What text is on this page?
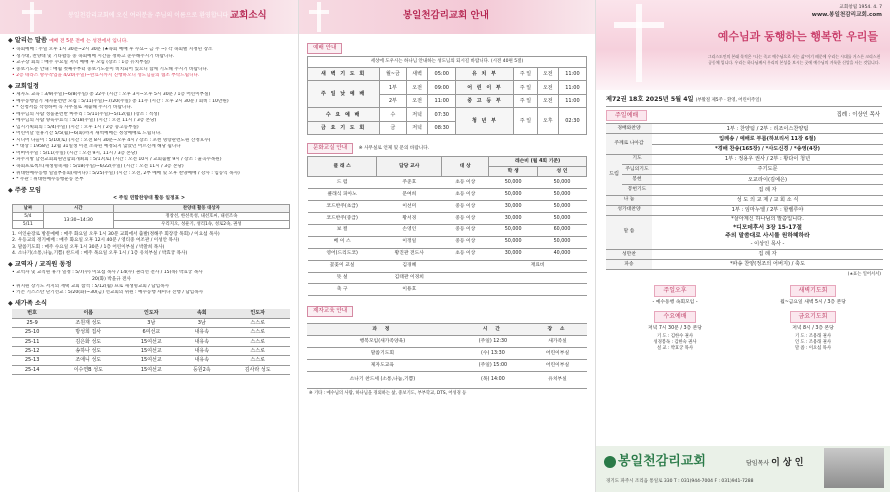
봉일천감리교회에 오신 여러분을 주님의 이름으로 환영합니다 교회소식
◆ 알리는 말씀 예배 전 5분 전에 는 성전에서 입니다.

• 속회예배 : 주일 오후 1시 30분~2시 30분 (★속회 예배 후 수요~ 금 주 ~) 각 속회별 지정된 장소

• 성가대, 찬양대 및 기타활동 중 속회예배 시간을 정하고 준수해주시기 바랍니다.

• 교구장 회의 : 매주 수요일 저녁 예배 후 모임 (장소 : 1층 유치부실)

• 중보기도문 안내 : 매월 첫째주부터 중보기도문이 비치되어 있으니 함께 기도해 주시기 바랍니다.

• 2층 테라스 방수작업을 4/20(주일)~완료시까지 진행하오니 성도님들의 협조 부탁드립니다.

◆ 교회일정

• 제자도 교육 : 3/9(주일)~6/8(주일) 총 22주 (시간 : 오후 3시~오후 5시 30분 / 1층 어린이부실)

• 예수동행일기 제자훈련반 모집 : 5/11(주일)~7/20(주일) 총 11주 (시간 : 오후 2시 30분 / 회비 : 10만원)

• * 신청서를 작성하여 꼭 사무실로 제출해 주시기 바랍니다.

• 에수님의 사람 성품훈련반 마무리 : 5/11(주일)~5/12(월) (장소 : 적성)

• 에수님의 사람 양육수료식 : 5/18(주일) (시간 : 오전 11시 / 3층 본당)

• 임시기획회의 : 5/4(주일) (시간 : 오후 1시 / 2층 중고등부실)

• 어린이날 연휴기간 5/5(월)~6(화)까지 새벽예배는 정상예배로 드립니다.

• 시니어 나들이 : 5/10(토) (시간 : 오전 8시 30분~오후 4시 / 장소 : 포천 명랑관련도원 산정호수)

• * 대상 : 1958년 12월 31일생 이전 소속된 예정되지 않았던 어르신께 해당 됩니다

• 어버이주일 : 5/11(주일) (시간 : 오전 9시, 11시 / 3층 본당)

• 파주지방 남선교회회원연합회개최회 : 5/17(토) (시간 : 오전 10시 / 교회출발 9시 / 장소 : 율곡수목원)

• 속회프로젝트(새생명축제) : 5/18(주일)~6/22(주일) (시간 : 오전 11시 / 3층 본당)

• 위대한예수동행 일일부흥회(세미나) : 5/25(주일) (시간 : 오전, 2부 예배 및 오후 찬양예배 / 강사 : 임동익 목사)

• * 주관 : 위대한예수동행운동 본부

◆ 주중 모임
< 주일 연합찬양대 활동 일정표 >
날짜	시간	찬양대 활동 대상자
5/4	13:30~14:30	정창선, 한선옥성, 내선호씨, 내선조속
5/11		우리지오, 성운기, 성리1속, 성로2속, 권성
1. 이인순장로 방문예배 : 매주 화요일 오후 1시 30분 교회에서 출발(정해주 회장장 목회) / 이요섭 목사)
2. 우등교의 정기예배 : 매주 화요일 오후 12시 40분 / 영티중 여조관 / 이성안 목사)
3. 말씀기도회 : 매주 수요일 오후 1시 30분 / 1층 어린이부실 / 박찰희 목사)
4. 소나기(소통,나눔,기쁨) 찬드세 : 매주 목요일 오후 1시 / 1층 유치부실 / 박효궁 목사)
◆ 교역자 / 교직원 동정

• 교역자 및 교직원 휴가 일정 : 5/7(수) 이요섭 목사 / 14(수) 권리선 전사 / 15(목) 박효궁 목사

20(화) 박을규 전사

• 위지원 장기도 서지의 재택 교회 참석 : 5/12(월) 프로 새생명교회 / 담임목사

• 키존 기스스탄 단기선교 : 5/20(화)~30(금) 선교회의 위원 : 예수동행 세미나 진행 / 담임목사

◆ 새가족 소식
번호	이름	인도자	속회	인도자
25-9	조원재 성도	3남	3남	스스로
25-10	방성희 집사	6여선교	내유속	스스로
25-11	김은화 성도	15여선교	내유속	스스로
25-12	송하나 성도	15여선교	내유속	스스로
25-13	조애니 성도	15여선교	내유속	스스로
25-14	이수연B 성도	15여선교	등원2속	김사라 성도
봉일천감리교회 안내
예배 안내
세상에 도우시는 하나님 안내하는 성도님의 되시길 바랍니다. (시전 40편 5절)							
새 벽 기 도 회	월~금	새벽	05:00	유 치 부	주 일	오전	11:00
주 일 낮 예 배	1부	오전	09:00	어 린 이 부	주 일	오전	11:00
	2부	오전	11:00	중 고 등 부	주 일	오전	11:00
수 요 예 배	수	저녁	07:30	청 년 부	주 일	오후	02:30
금 요 기 도 회	금	저녁	08:30				
문화교실 안내	※ 사무실로 언제 및 문의 바랍니다.
클 래 스	담당 교사	대 상	레슨비 (월 4회 기준)	
			학 생	성 인
드 럼	주준호	초등 이상	50,000	50,000
클래식 피아노	문여희	초등 이상	50,000	50,000
코드반주(초급)	이선미	중등 이상	30,000	50,000
코드반주(중급)	황서경	중등 이상	30,000	50,000
보 컬	손영인	중등 이상	50,000	60,000
베 이 스	이정일	중등 이상	50,000	50,000
영어(드리도코)	황진관 전도사	초등 이상	30,000	40,000
꽃꽂이 교실	김경혜		재료비	
뜻 설	김태관 이경희			
축 구	이용호			
제자교육 안내
과 정	시 간	장 소
행복모임(새가족양육)	(주일) 12:30	새가족실
말씀기도회	(수) 13:30	어린이부실
제자도교육	(주일) 15:00	어린이부실
소나기 찬드세 (소통,나눔,기쁨)	(목) 14:00	유치부실
※ 기타 : 예수님의 사람, 하나님을 경외하는 삶, 중보기도, 부부학교, DTS, 어성경 등
교회창립 1954. 4. 7
www.봉일천감리교회.com
예수님과 동행하는 행복한 우리들
그리스도인의 본래 목적은 "나는 죽고 예수님으로 사는 삶"이기 때문에 우리는 시대를 거스른 크리스천 공동체 입니다. 우리는 하나님께서 우리의 본성을 보시는 곳에 예수님의 겨룩한 신앙을 사는 것입니다.
제72권 18호 2025년 5월 4일 (부활절 제5주 · 환영, 어린이주일)
주일예배	집례 : 이상인 목사
경배와찬양		1부 : 찬양팀 / 2부 : 리조이스찬양팀
주께로 나아감		입례송 / 예배로 부름(하브리서 11장 6절)
		*경배 찬송(165장) / *사도신경 / *송영(4장)
드림	기도	1부 : 정용우 권사 / 2부 : 황다이 청년
	주님의기도	주기도문
	봉헌	오교라이(김예은)
	봉헌기도	집 례 자
나 눔		성 도 의 교 제 / 교 회 소 식
성가대찬양		1부 : 임마누엘 / 2부 : 할렐루야
말 씀		*살아계신 하나님의 말씀입니다.
*디모데후서 3장 15-17절
주의 말씀대로 사시를 원하혜하라
- 이상인 목사 -

성만찬		집 례 자
파송		*파송 찬양(정조의 어버지) / 축도
(∗표는 일어서서)		
주일오후
- 예수동행 속회모임 -
수요예배
저녁 7시 30분 / 3층 본당
기 도 : 김한수 권사
성경봉독 : 김한숙 권사
설 교 : 박효궁 목사
새벽기도회
월~금요일 새벽 5시 / 3층 본당
금요기도회
저녁 8시 / 3층 본당
기 도 : 조용래 권사
인 도 : 조용래 권사
말 씀 : 이요섭 목사
봉일천감리교회	담임목사 이 상 인
경기도 파주시 조리읍 통일로 330 T : 031)944-7004 F : 031)941-7288
